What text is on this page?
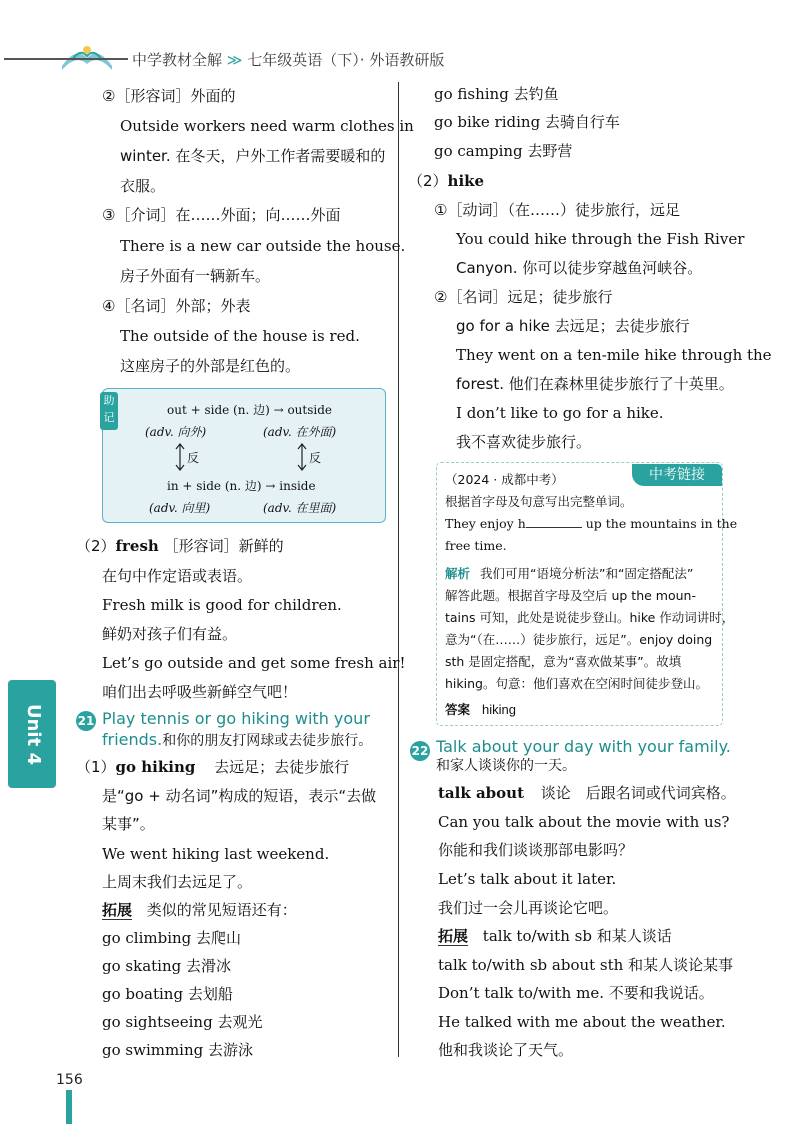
中学教材全解 ≫ 七年级英语（下）· 外语教研版
②［形容词］外面的
Outside workers need warm clothes in
winter. 在冬天，户外工作者需要暖和的
衣服。
③［介词］在……外面；向……外面
There is a new car outside the house.
房子外面有一辆新车。
④［名词］外部；外表
The outside of the house is red.
这座房子的外部是红色的。
out + side (n. 边) → outside
(adv. 向外)	(adv. 在外面)
反	反
in + side (n. 边) → inside
(adv. 向里)	(adv. 在里面)
助记
（2）fresh ［形容词］新鲜的
在句中作定语或表语。
Fresh milk is good for children.
鲜奶对孩子们有益。
Let’s go outside and get some fresh air!
咱们出去呼吸些新鲜空气吧！
21 Play tennis or go hiking with your
friends.和你的朋友打网球或去徒步旅行。
（1）go hiking 去远足；去徒步旅行
是“go + 动名词”构成的短语，表示“去做
某事”。
We went hiking last weekend.
上周末我们去远足了。
拓展 类似的常见短语还有：
go climbing 去爬山
go skating 去滑冰
go boating 去划船
go sightseeing 去观光
go swimming 去游泳
go fishing 去钓鱼
go bike riding 去骑自行车
go camping 去野营
（2）hike
①［动词］（在……）徒步旅行，远足
You could hike through the Fish River
Canyon. 你可以徒步穿越鱼河峡谷。
②［名词］远足；徒步旅行
go for a hike 去远足；去徒步旅行
They went on a ten-mile hike through the
forest. 他们在森林里徒步旅行了十英里。
I don’t like to go for a hike.
我不喜欢徒步旅行。
（2024 · 成都中考）
根据首字母及句意写出完整单词。
They enjoy h	up the mountains in the
free time.
解析 我们可用“语境分析法”和“固定搭配法”
解答此题。根据首字母及空后 up the moun-
tains 可知，此处是说徒步登山。hike 作动词讲时，
意为“（在……）徒步旅行，远足”。enjoy doing
sth 是固定搭配，意为“喜欢做某事”。故填
hiking。句意：他们喜欢在空闲时间徒步登山。
答案 hiking
中考链接
22 Talk about your day with your family.
和家人谈谈你的一天。
talk about 谈论　后跟名词或代词宾格。
Can you talk about the movie with us?
你能和我们谈谈那部电影吗？
Let’s talk about it later.
我们过一会儿再谈论它吧。
拓展 talk to/with sb 和某人谈话
talk to/with sb about sth 和某人谈论某事
Don’t talk to/with me. 不要和我说话。
He talked with me about the weather.
他和我谈论了天气。
Unit 4
156
